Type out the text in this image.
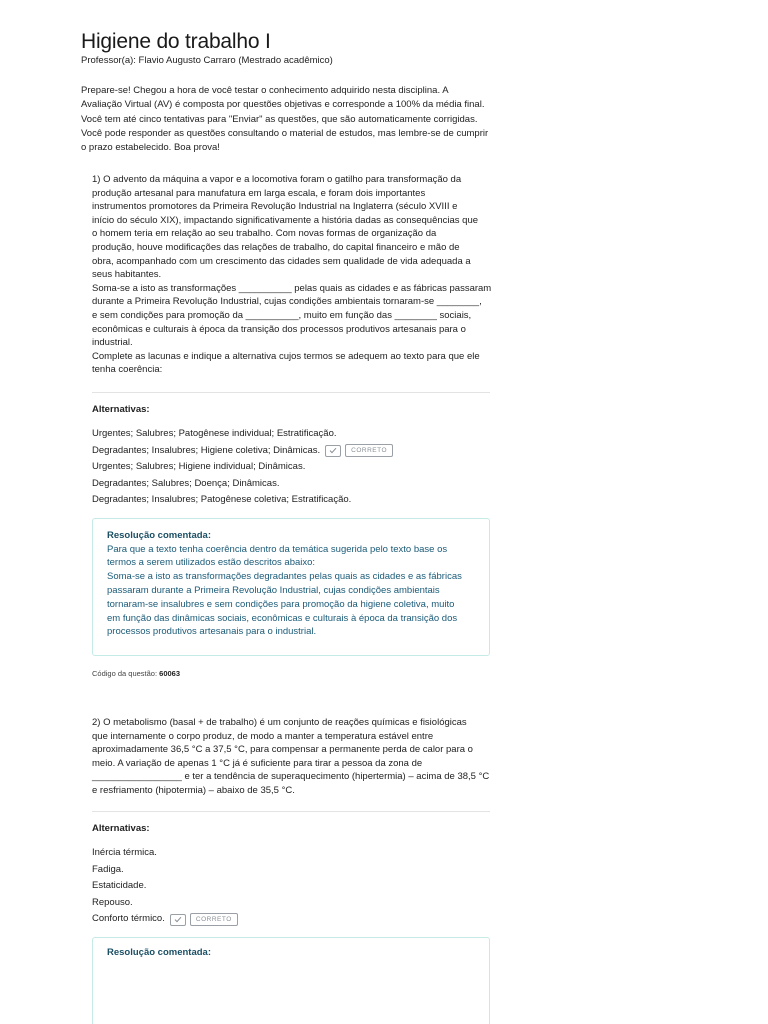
Higiene do trabalho I
Professor(a): Flavio Augusto Carraro (Mestrado acadêmico)

Prepare-se! Chegou a hora de você testar o conhecimento adquirido nesta disciplina. A

Avaliação Virtual (AV) é composta por questões objetivas e corresponde a 100% da média final.

Você tem até cinco tentativas para "Enviar" as questões, que são automaticamente corrigidas.

Você pode responder as questões consultando o material de estudos, mas lembre-se de cumprir

o prazo estabelecido. Boa prova!

1) O advento da máquina a vapor e a locomotiva foram o gatilho para transformação da

produção artesanal para manufatura em larga escala, e foram dois importantes

instrumentos promotores da Primeira Revolução Industrial na Inglaterra (século XVIII e

início do século XIX), impactando significativamente a história dadas as consequências que

o homem teria em relação ao seu trabalho. Com novas formas de organização da

produção, houve modificações das relações de trabalho, do capital financeiro e mão de

obra, acompanhado com um crescimento das cidades sem qualidade de vida adequada a

seus habitantes.

Soma-se a isto as transformações __________ pelas quais as cidades e as fábricas passaram

durante a Primeira Revolução Industrial, cujas condições ambientais tornaram-se ________,

e sem condições para promoção da __________, muito em função das ________ sociais,

econômicas e culturais à época da transição dos processos produtivos artesanais para o

industrial.

Complete as lacunas e indique a alternativa cujos termos se adequem ao texto para que ele

tenha coerência:

Alternativas:
Urgentes; Salubres; Patogênese individual; Estratificação.
Degradantes; Insalubres; Higiene coletiva; Dinâmicas.	CORRETO
Urgentes; Salubres; Higiene individual; Dinâmicas.
Degradantes; Salubres; Doença; Dinâmicas.
Degradantes; Insalubres; Patogênese coletiva; Estratificação.
Resolução comentada:

Para que a texto tenha coerência dentro da temática sugerida pelo texto base os

termos a serem utilizados estão descritos abaixo:

Soma-se a isto as transformações degradantes pelas quais as cidades e as fábricas

passaram durante a Primeira Revolução Industrial, cujas condições ambientais

tornaram-se insalubres e sem condições para promoção da higiene coletiva, muito

em função das dinâmicas sociais, econômicas e culturais à época da transição dos

processos produtivos artesanais para o industrial.

Código da questão: 60063

2) O metabolismo (basal + de trabalho) é um conjunto de reações químicas e fisiológicas

que internamente o corpo produz, de modo a manter a temperatura estável entre

aproximadamente 36,5 °C a 37,5 °C, para compensar a permanente perda de calor para o

meio. A variação de apenas 1 °C já é suficiente para tirar a pessoa da zona de

_________________ e ter a tendência de superaquecimento (hipertermia) – acima de 38,5 °C

e resfriamento (hipotermia) – abaixo de 35,5 °C.

Alternativas:
Inércia térmica.
Fadiga.
Estaticidade.
Repouso.
Conforto térmico.	CORRETO
Resolução comentada:
